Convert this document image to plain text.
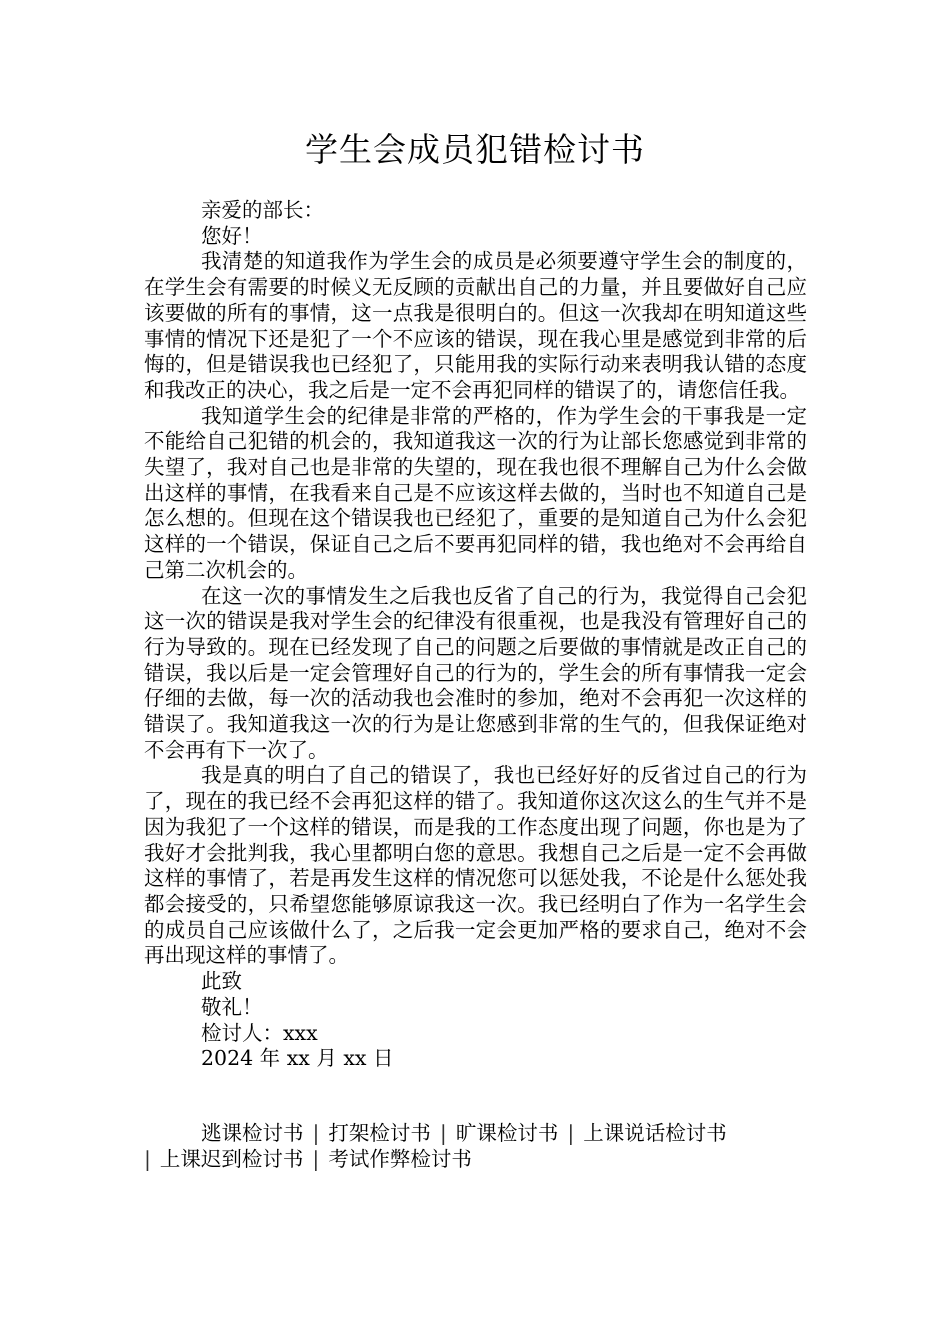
学生会成员犯错检讨书

亲爱的部长：

您好！

我清楚的知道我作为学生会的成员是必须要遵守学生会的制度的，在学生会有需要的时候义无反顾的贡献出自己的力量，并且要做好自己应该要做的所有的事情，这一点我是很明白的。但这一次我却在明知道这些事情的情况下还是犯了一个不应该的错误，现在我心里是感觉到非常的后悔的，但是错误我也已经犯了，只能用我的实际行动来表明我认错的态度和我改正的决心，我之后是一定不会再犯同样的错误了的，请您信任我。

我知道学生会的纪律是非常的严格的，作为学生会的干事我是一定不能给自己犯错的机会的，我知道我这一次的行为让部长您感觉到非常的失望了，我对自己也是非常的失望的，现在我也很不理解自己为什么会做出这样的事情，在我看来自己是不应该这样去做的，当时也不知道自己是怎么想的。但现在这个错误我也已经犯了，重要的是知道自己为什么会犯这样的一个错误，保证自己之后不要再犯同样的错，我也绝对不会再给自己第二次机会的。

在这一次的事情发生之后我也反省了自己的行为，我觉得自己会犯这一次的错误是我对学生会的纪律没有很重视，也是我没有管理好自己的行为导致的。现在已经发现了自己的问题之后要做的事情就是改正自己的错误，我以后是一定会管理好自己的行为的，学生会的所有事情我一定会仔细的去做，每一次的活动我也会准时的参加，绝对不会再犯一次这样的错误了。我知道我这一次的行为是让您感到非常的生气的，但我保证绝对不会再有下一次了。

我是真的明白了自己的错误了，我也已经好好的反省过自己的行为了，现在的我已经不会再犯这样的错了。我知道你这次这么的生气并不是因为我犯了一个这样的错误，而是我的工作态度出现了问题，你也是为了我好才会批判我，我心里都明白您的意思。我想自己之后是一定不会再做这样的事情了，若是再发生这样的情况您可以惩处我，不论是什么惩处我都会接受的，只希望您能够原谅我这一次。我已经明白了作为一名学生会的成员自己应该做什么了，之后我一定会更加严格的要求自己，绝对不会再出现这样的事情了。

此致

敬礼！

检讨人：xxx

2024 年 xx 月 xx 日

逃课检讨书 | 打架检讨书 | 旷课检讨书 | 上课说话检讨书
| 上课迟到检讨书 | 考试作弊检讨书
